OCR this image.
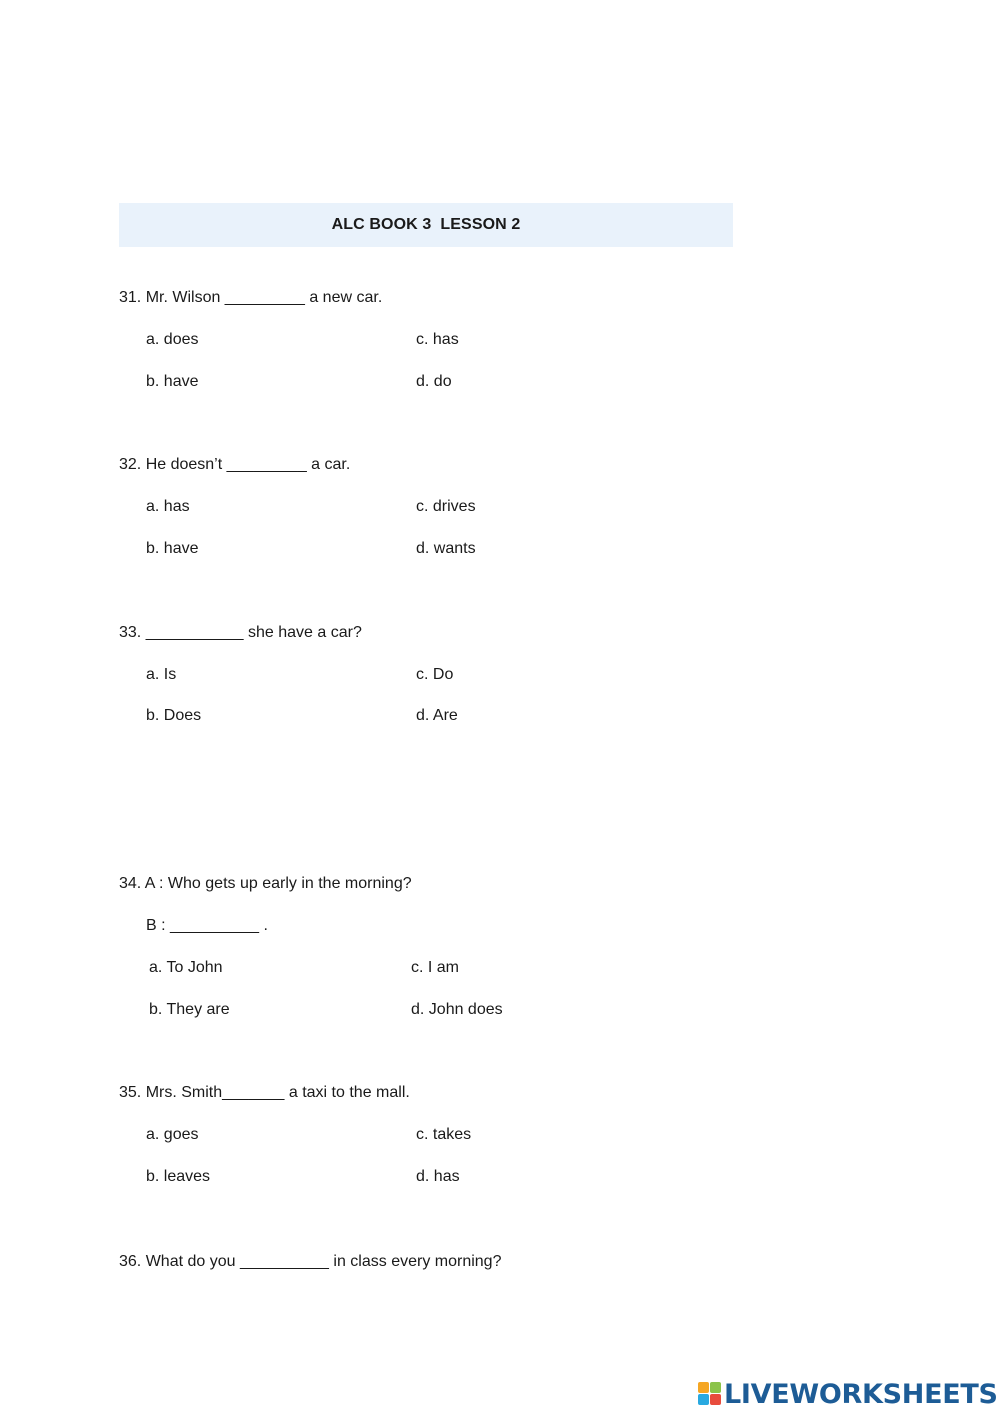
ALC BOOK 3  LESSON 2
31. Mr. Wilson _________ a new car.
a. does	c. has
b. have	d. do
32. He doesn’t _________ a car.
a. has	c. drives
b. have	d. wants
33. ___________ she have a car?
a. Is	c. Do
b. Does	d. Are
34. A : Who gets up early in the morning?
B : __________ .
a. To John	c. I am
b. They are	d. John does
35. Mrs. Smith_______ a taxi to the mall.
a. goes	c. takes
b. leaves	d. has
36. What do you __________ in class every morning?
LIVEWORKSHEETS
